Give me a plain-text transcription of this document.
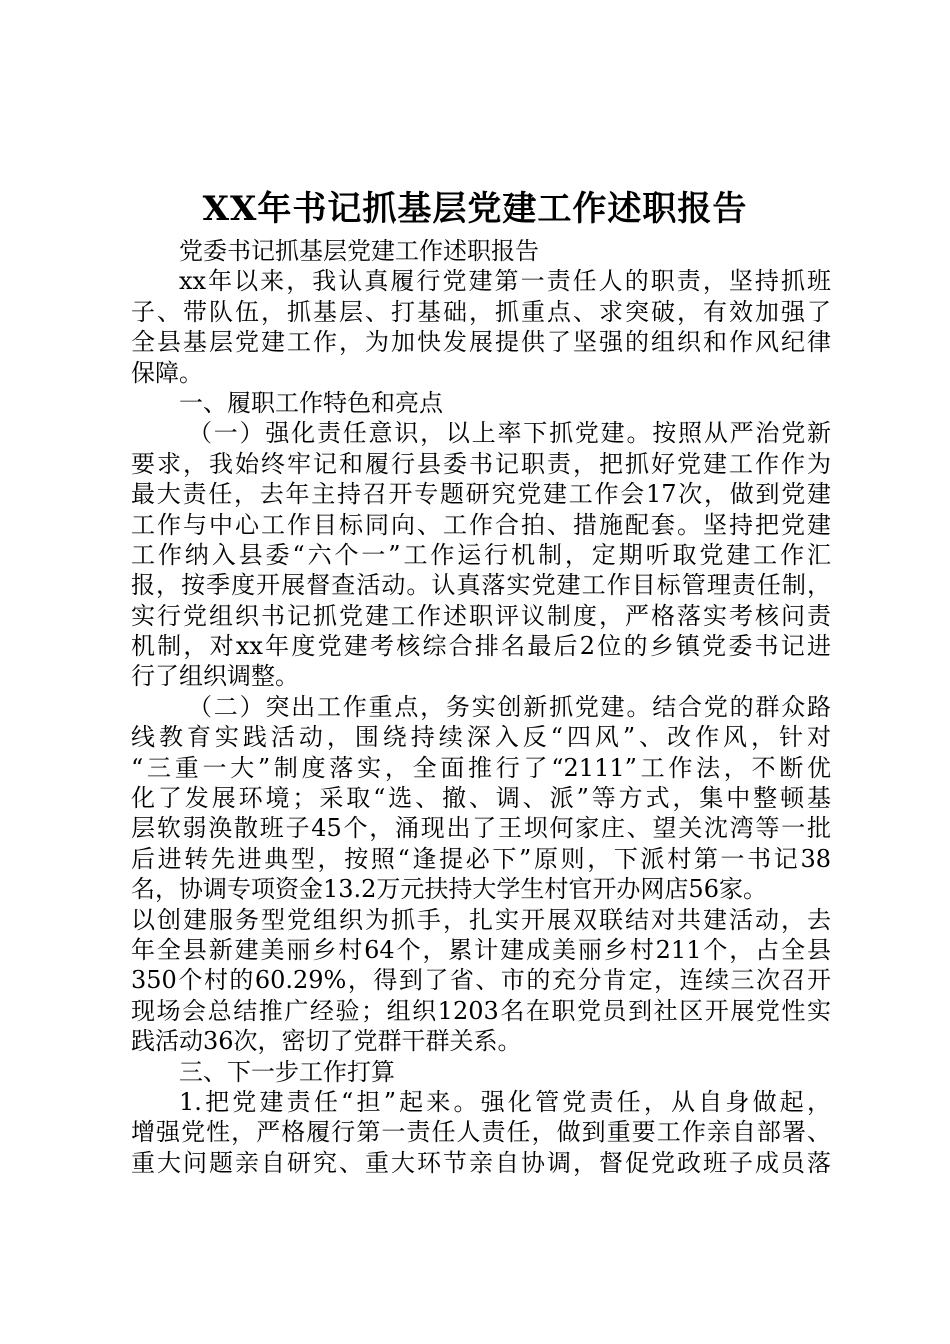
XX年书记抓基层党建工作述职报告
党委书记抓基层党建工作述职报告
xx年以来，我认真履行党建第一责任人的职责，坚持抓班
子、带队伍，抓基层、打基础，抓重点、求突破，有效加强了
全县基层党建工作，为加快发展提供了坚强的组织和作风纪律
保障。
一、履职工作特色和亮点
（一）强化责任意识，以上率下抓党建。按照从严治党新
要求，我始终牢记和履行县委书记职责，把抓好党建工作作为
最大责任，去年主持召开专题研究党建工作会17次，做到党建
工作与中心工作目标同向、工作合拍、措施配套。坚持把党建
工作纳入县委“六个一”工作运行机制，定期听取党建工作汇
报，按季度开展督查活动。认真落实党建工作目标管理责任制，
实行党组织书记抓党建工作述职评议制度，严格落实考核问责
机制，对xx年度党建考核综合排名最后2位的乡镇党委书记进
行了组织调整。
（二）突出工作重点，务实创新抓党建。结合党的群众路
线教育实践活动，围绕持续深入反“四风”、改作风，针对
“三重一大”制度落实，全面推行了“2111”工作法，不断优
化了发展环境；采取“选、撤、调、派”等方式，集中整顿基
层软弱涣散班子45个，涌现出了王坝何家庄、望关沈湾等一批
后进转先进典型，按照“逢提必下”原则，下派村第一书记38
名，协调专项资金13.2万元扶持大学生村官开办网店56家。
以创建服务型党组织为抓手，扎实开展双联结对共建活动，去
年全县新建美丽乡村64个，累计建成美丽乡村211个，占全县
350个村的60.29%，得到了省、市的充分肯定，连续三次召开
现场会总结推广经验；组织1203名在职党员到社区开展党性实
践活动36次，密切了党群干群关系。
三、下一步工作打算
1.把党建责任“担”起来。强化管党责任，从自身做起，
增强党性，严格履行第一责任人责任，做到重要工作亲自部署、
重大问题亲自研究、重大环节亲自协调，督促党政班子成员落
